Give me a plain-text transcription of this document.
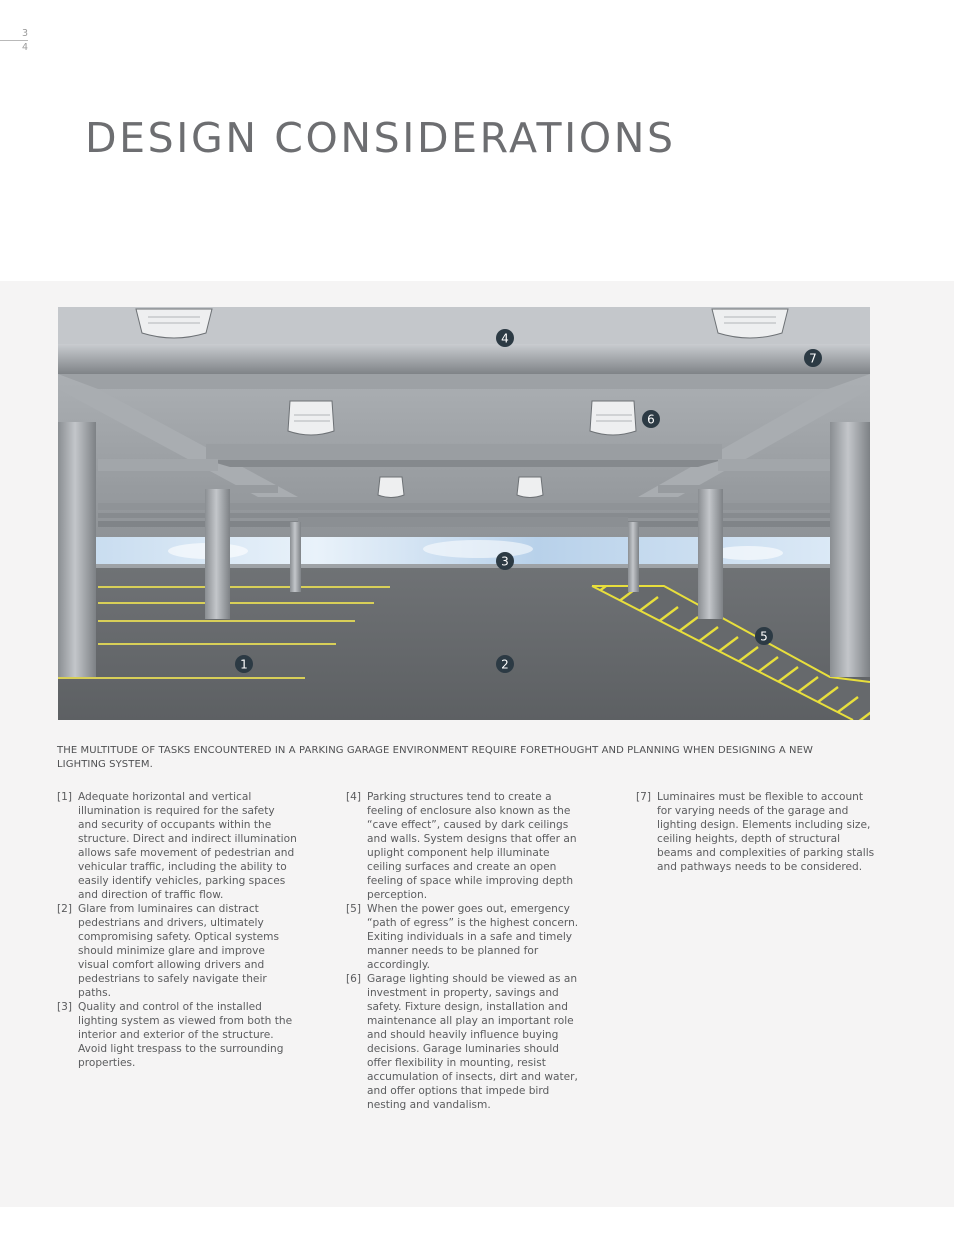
3
4
DESIGN CONSIDERATIONS
1	2
3
4
5
6
7

THE MULTITUDE OF TASKS ENCOUNTERED IN A PARKING GARAGE ENVIRONMENT REQUIRE FORETHOUGHT AND PLANNING WHEN DESIGNING A NEW LIGHTING SYSTEM.

[1] Adequate horizontal and vertical illumination is required for the safety and security of occupants within the structure. Direct and indirect illumination allows safe movement of pedestrian and vehicular traffic, including the ability to easily identify vehicles, parking spaces and direction of traffic flow.
[2] Glare from luminaires can distract pedestrians and drivers, ultimately compromising safety. Optical systems should minimize glare and improve visual comfort allowing drivers and pedestrians to safely navigate their paths.
[3] Quality and control of the installed lighting system as viewed from both the interior and exterior of the structure. Avoid light trespass to the surrounding properties.
[4] Parking structures tend to create a feeling of enclosure also known as the “cave effect”, caused by dark ceilings and walls. System designs that offer an uplight component help illuminate ceiling surfaces and create an open feeling of space while improving depth perception.
[5] When the power goes out, emergency “path of egress” is the highest concern. Exiting individuals in a safe and timely manner needs to be planned for accordingly.
[6] Garage lighting should be viewed as an investment in property, savings and safety. Fixture design, installation and maintenance all play an important role and should heavily influence buying decisions. Garage luminaries should offer flexibility in mounting, resist accumulation of insects, dirt and water, and offer options that impede bird nesting and vandalism.
[7] Luminaires must be flexible to account for varying needs of the garage and lighting design. Elements including size, ceiling heights, depth of structural beams and complexities of parking stalls and pathways needs to be considered.
